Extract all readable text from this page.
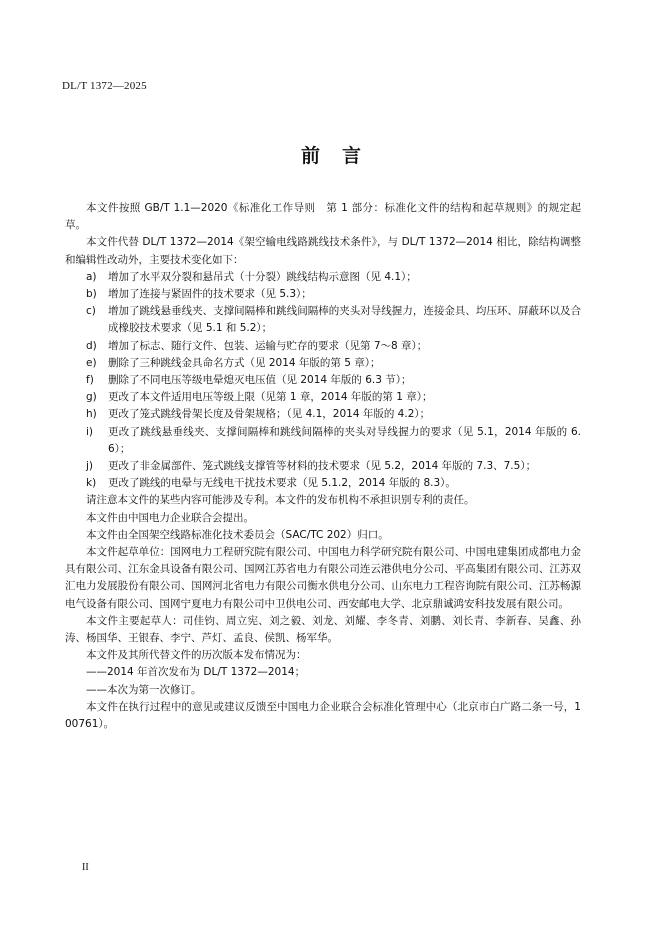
DL/T 1372—2025
前言

本文件按照 GB/T 1.1—2020《标准化工作导则　第 1 部分：标准化文件的结构和起草规则》的规定起草。

本文件代替 DL/T 1372—2014《架空输电线路跳线技术条件》，与 DL/T 1372—2014 相比，除结构调整和编辑性改动外，主要技术变化如下：

a) 增加了水平双分裂和悬吊式（十分裂）跳线结构示意图（见 4.1）；
b) 增加了连接与紧固件的技术要求（见 5.3）；
c) 增加了跳线悬垂线夹、支撑间隔棒和跳线间隔棒的夹头对导线握力，连接金具、均压环、屏蔽环以及合成橡胶技术要求（见 5.1 和 5.2）；
d) 增加了标志、随行文件、包装、运输与贮存的要求（见第 7～8 章）；
e) 删除了三种跳线金具命名方式（见 2014 年版的第 5 章）；
f) 删除了不同电压等级电晕熄灭电压值（见 2014 年版的 6.3 节）；
g) 更改了本文件适用电压等级上限（见第 1 章，2014 年版的第 1 章）；
h) 更改了笼式跳线骨架长度及骨架规格；（见 4.1，2014 年版的 4.2）；
i) 更改了跳线悬垂线夹、支撑间隔棒和跳线间隔棒的夹头对导线握力的要求（见 5.1，2014 年版的 6.6）；
j) 更改了非金属部件、笼式跳线支撑管等材料的技术要求（见 5.2，2014 年版的 7.3、7.5）；
k) 更改了跳线的电晕与无线电干扰技术要求（见 5.1.2，2014 年版的 8.3）。

请注意本文件的某些内容可能涉及专利。本文件的发布机构不承担识别专利的责任。

本文件由中国电力企业联合会提出。

本文件由全国架空线路标准化技术委员会（SAC/TC 202）归口。

本文件起草单位：国网电力工程研究院有限公司、中国电力科学研究院有限公司、中国电建集团成都电力金具有限公司、江东金具设备有限公司、国网江苏省电力有限公司连云港供电分公司、平高集团有限公司、江苏双汇电力发展股份有限公司、国网河北省电力有限公司衡水供电分公司、山东电力工程咨询院有限公司、江苏畅源电气设备有限公司、国网宁夏电力有限公司中卫供电公司、西安邮电大学、北京鼎诚鸿安科技发展有限公司。

本文件主要起草人：司佳钧、周立宪、刘之毅、刘龙、刘耀、李冬青、刘鹏、刘长青、李新春、吴鑫、孙涛、杨国华、王银春、李宁、芦灯、孟良、侯凯、杨军华。

本文件及其所代替文件的历次版本发布情况为：

——2014 年首次发布为 DL/T 1372—2014；

——本次为第一次修订。

本文件在执行过程中的意见或建议反馈至中国电力企业联合会标准化管理中心（北京市白广路二条一号，100761）。

II
